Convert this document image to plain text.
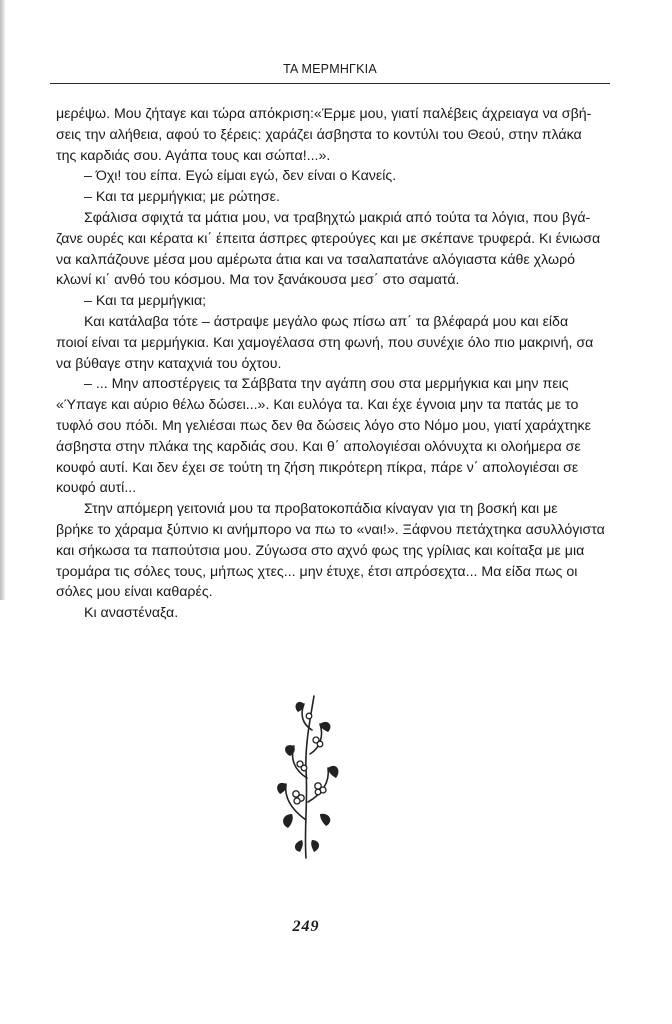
ΤΑ ΜΕΡΜΗΓΚΙΑ
μερέψω. Μου ζήταγε και τώρα απόκριση:«Έρμε μου, γιατί παλέβεις άχρειαγα να σβή-
σεις την αλήθεια, αφού το ξέρεις: χαράζει άσβηστα το κοντύλι του Θεού, στην πλάκα
της καρδιάς σου. Αγάπα τους και σώπα!...».
– Όχι! του είπα. Εγώ είμαι εγώ, δεν είναι ο Κανείς.
– Και τα μερμήγκια; με ρώτησε.
Σφάλισα σφιχτά τα μάτια μου, να τραβηχτώ μακριά από τούτα τα λόγια, που βγά-
ζανε ουρές και κέρατα κι΄ έπειτα άσπρες φτερούγες και με σκέπανε τρυφερά. Κι ένιωσα
να καλπάζουνε μέσα μου αμέρωτα άτια και να τσαλαπατάνε αλόγιαστα κάθε χλωρό
κλωνί κι΄ ανθό του κόσμου. Μα τον ξανάκουσα μεσ΄ στο σαματά.
– Και τα μερμήγκια;
Και κατάλαβα τότε – άστραψε μεγάλο φως πίσω απ΄ τα βλέφαρά μου και είδα
ποιοί είναι τα μερμήγκια. Και χαμογέλασα στη φωνή, που συνέχιε όλο πιο μακρινή, σα
να βύθαγε στην καταχνιά του όχτου.
– ... Μην αποστέργεις τα Σάββατα την αγάπη σου στα μερμήγκια και μην πεις
«Ύπαγε και αύριο θέλω δώσει...». Και ευλόγα τα. Και έχε έγνοια μην τα πατάς με το
τυφλό σου πόδι. Μη γελιέσαι πως δεν θα δώσεις λόγο στο Νόμο μου, γιατί χαράχτηκε
άσβηστα στην πλάκα της καρδιάς σου. Και θ΄ απολογιέσαι ολόνυχτα κι ολοήμερα σε
κουφό αυτί. Και δεν έχει σε τούτη τη ζήση πικρότερη πίκρα, πάρε ν΄ απολογιέσαι σε
κουφό αυτί...
Στην απόμερη γειτονιά μου τα προβατοκοπάδια κίναγαν για τη βοσκή και με
βρήκε το χάραμα ξύπνιο κι ανήμπορο να πω το «ναι!». Ξάφνου πετάχτηκα ασυλλόγιστα
και σήκωσα τα παπούτσια μου. Ζύγωσα στο αχνό φως της γρίλιας και κοίταξα με μια
τρομάρα τις σόλες τους, μήπως χτες... μην έτυχε, έτσι απρόσεχτα... Μα είδα πως οι
σόλες μου είναι καθαρές.
Κι αναστέναξα.
249
